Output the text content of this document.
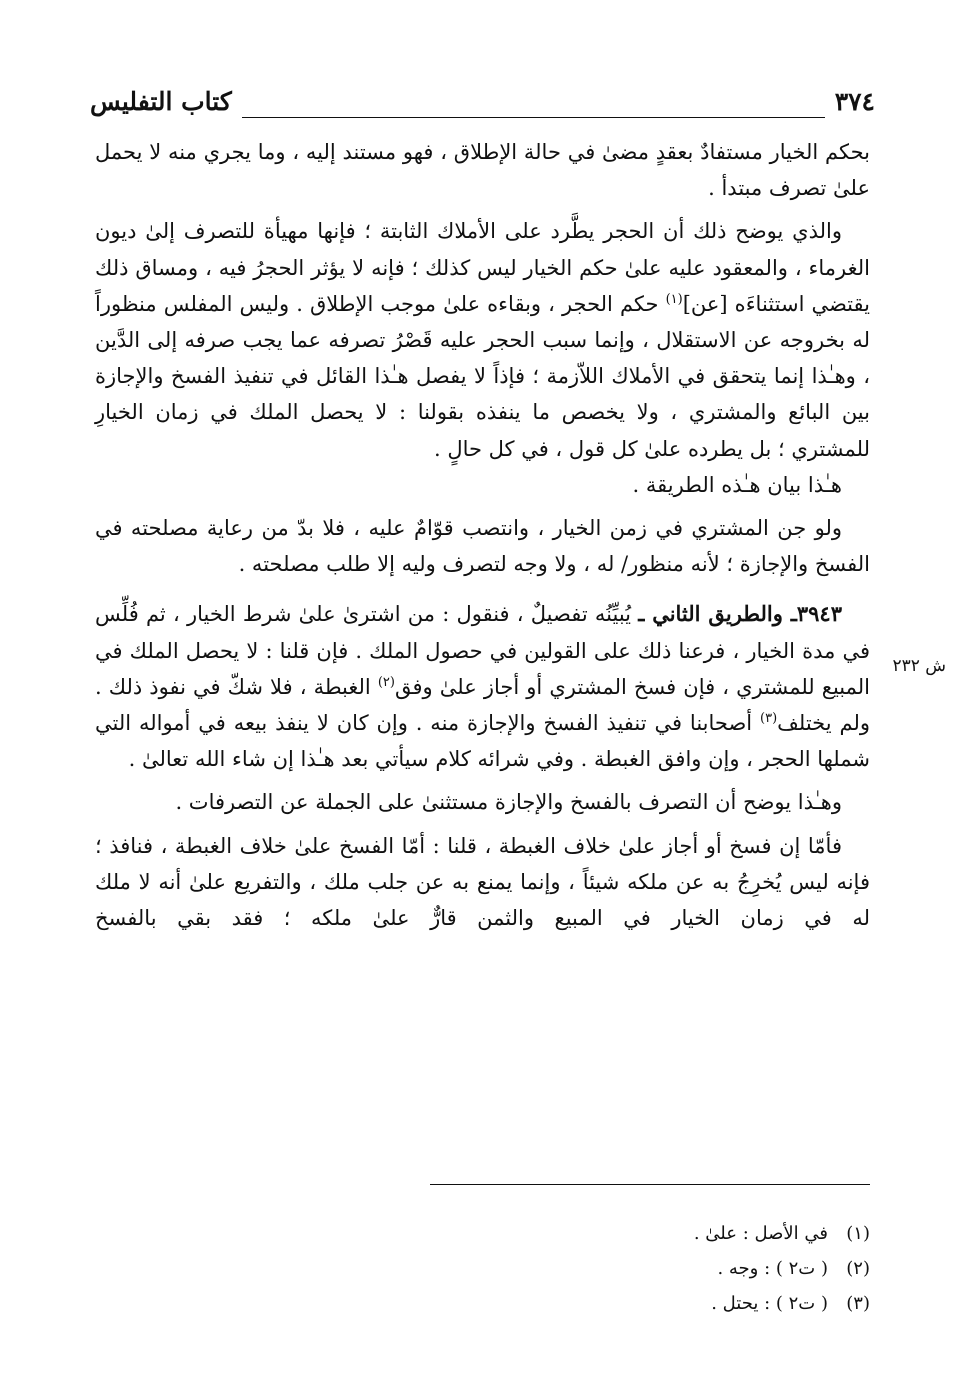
٣٧٤
كتاب التفليس

بحكم الخيار مستفادٌ بعقدٍ مضىٰ في حالة الإطلاق ، فهو مستند إليه ، وما يجري منه لا يحمل علىٰ تصرف مبتدأ .

والذي يوضح ذلك أن الحجر يطَّرد على الأملاك الثابتة ؛ فإنها مهيأة للتصرف إلىٰ ديون الغرماء ، والمعقود عليه علىٰ حكم الخيار ليس كذلك ؛ فإنه لا يؤثر الحجرُ فيه ، ومساق ذلك يقتضي استثناءَه [عن]$^{(١)}$ حكم الحجر ، وبقاءه علىٰ موجب الإطلاق . وليس المفلس منظوراً له بخروجه عن الاستقلال ، وإنما سبب الحجر عليه قَصْرُ تصرفه عما يجب صرفه إلى الدَّين ، وهـٰذا إنما يتحقق في الأملاك اللاّزمة ؛ فإذاً لا يفصل هـٰذا القائل في تنفيذ الفسخ والإجازة بين البائع والمشتري ، ولا يخصص ما ينفذه بقولنا : لا يحصل الملك في زمان الخيارِ للمشتري ؛ بل يطرده علىٰ كل قول ، في كل حالٍ .

هـٰذا بيان هـٰذه الطريقة .

ولو جن المشتري في زمن الخيار ، وانتصب قوّامٌ عليه ، فلا بدّ من رعاية مصلحته في الفسخ والإجازة ؛ لأنه منظور/ له ، ولا وجه لتصرف وليه إلا طلب مصلحته .

٣٩٤٣ـ والطريق الثاني ـ يُبيِّنُه تفصيلٌ ، فنقول : من اشترىٰ علىٰ شرط الخيار ، ثم فُلِّس في مدة الخيار ، فرعنا ذلك على القولين في حصول الملك . فإن قلنا : لا يحصل الملك في المبيع للمشتري ، فإن فسخ المشتري أو أجاز علىٰ وفق$^{(٢)}$ الغبطة ، فلا شكّ في نفوذ ذلك . ولم يختلف$^{(٣)}$ أصحابنا في تنفيذ الفسخ والإجازة منه . وإن كان لا ينفذ بيعه في أمواله التي شملها الحجر ، وإن وافق الغبطة . وفي شرائه كلام سيأتي بعد هـٰذا إن شاء الله تعالىٰ .

وهـٰذا يوضح أن التصرف بالفسخ والإجازة مستثنىٰ على الجملة عن التصرفات .

فأمّا إن فسخ أو أجاز علىٰ خلاف الغبطة ، قلنا : أمّا الفسخ علىٰ خلاف الغبطة ، فنافذ ؛ فإنه ليس يُخرِجُ به عن ملكه شيئاً ، وإنما يمنع به عن جلب ملك ، والتفريع علىٰ أنه لا ملك له في زمان الخيار في المبيع والثمن قارٌّ علىٰ ملكه ؛ فقد بقي بالفسخ

ش ٢٣٢
(١)
في الأصل : علىٰ .
(٢)
( ت٢ ) : وجه .
(٣)
( ت٢ ) : يحتل .
